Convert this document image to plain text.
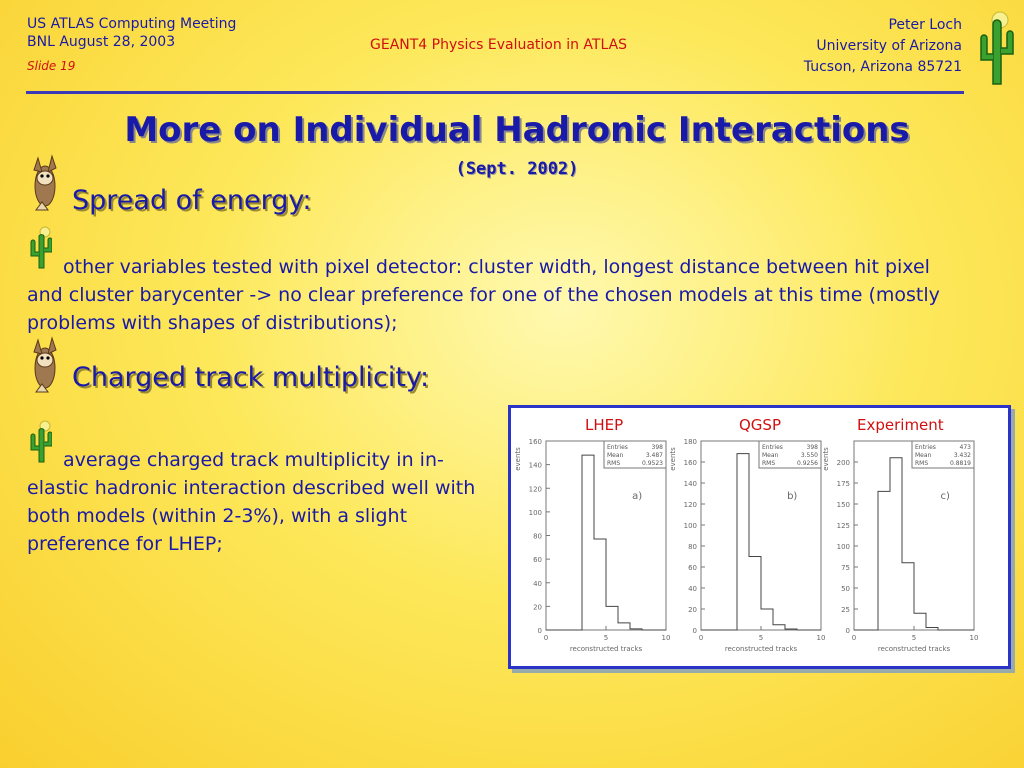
US ATLAS Computing Meeting
BNL August 28, 2003
Slide 19
GEANT4 Physics Evaluation in ATLAS
Peter Loch
University of Arizona
Tucson, Arizona 85721
More on Individual Hadronic Interactions
(Sept. 2002)
Spread of energy:
other variables tested with pixel detector: cluster width, longest distance between hit pixel and cluster barycenter -> no clear preference for one of the chosen models at this time (mostly problems with shapes of distributions);
Charged track multiplicity:
average charged track multiplicity in in-elastic hadronic interaction described well with both models (within 2-3%), with a slight preference for LHEP;
LHEP	QGSP	Experiment
events
0
20
40
60
80
100
120
140
160
0	5	10
reconstructed tracks
Entries	398
Mean	3.487
RMS	0.9523
a)
events
0
20
40
60
80
100
120
140
160
180
0	5	10
reconstructed tracks
Entries	398
Mean	3.550
RMS	0.9256
b)
events
0
25
50
75
100
125
150
175
200
0	5	10
reconstructed tracks
Entries	473
Mean	3.432
RMS	0.8819
c)
